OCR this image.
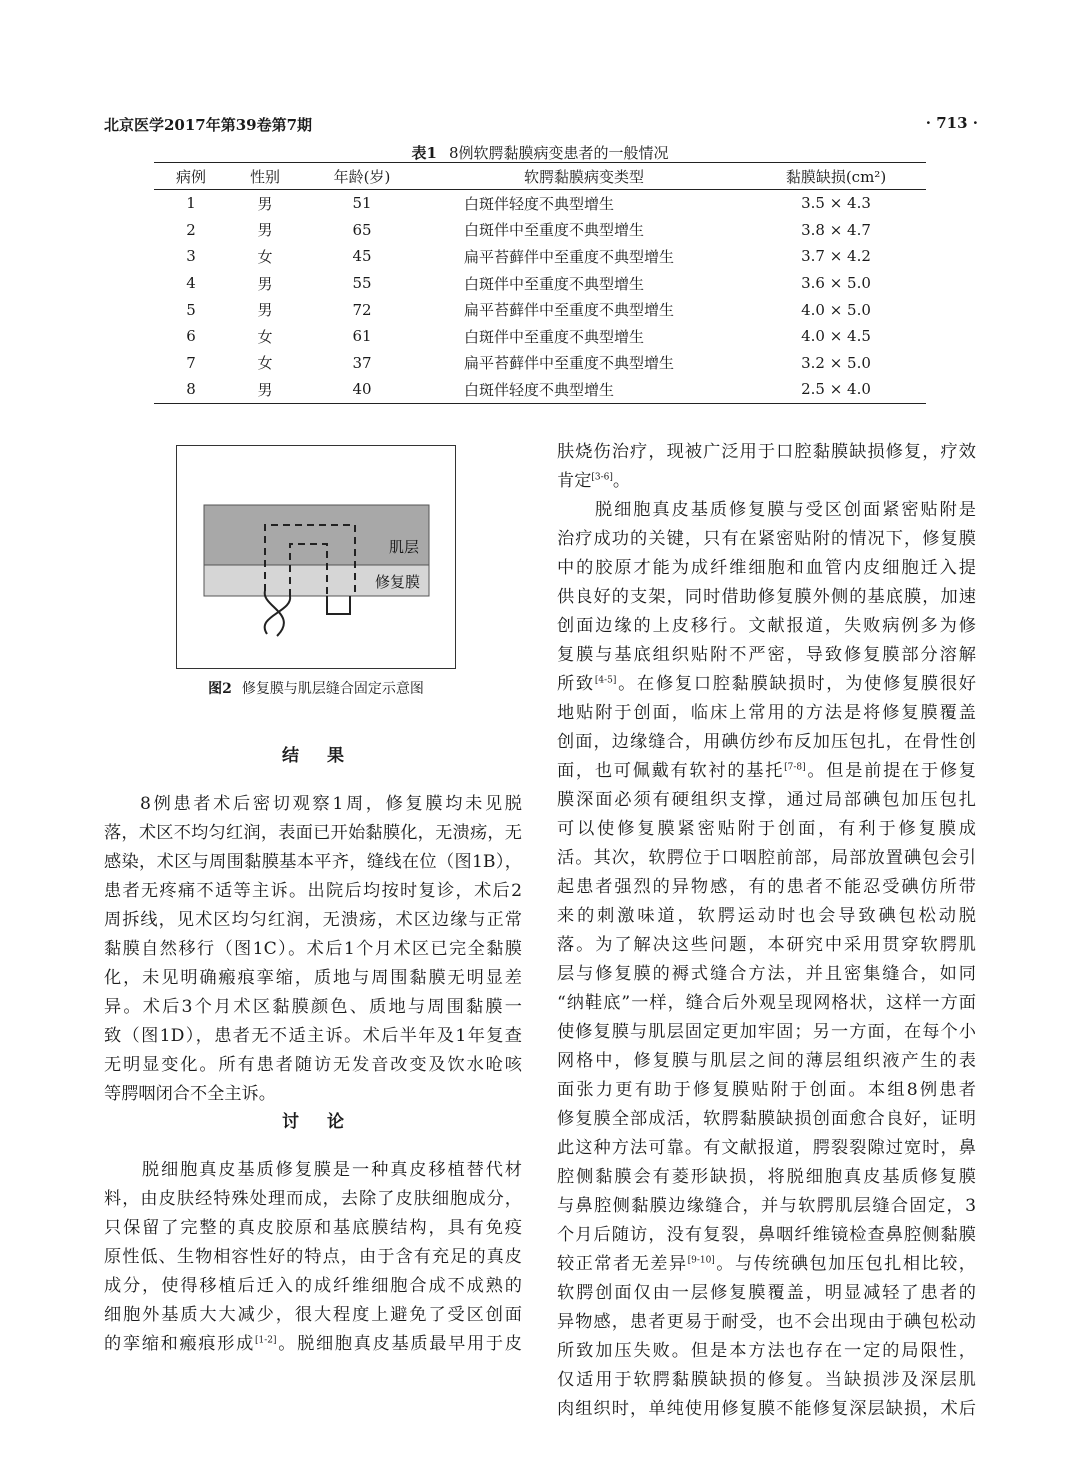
北京医学2017年第39卷第7期	· 713 ·
表1 8例软腭黏膜病变患者的一般情况
病例	性别	年龄(岁)	软腭黏膜病变类型	黏膜缺损(cm²)
1	男	51	白斑伴轻度不典型增生	3.5 × 4.3
2	男	65	白斑伴中至重度不典型增生	3.8 × 4.7
3	女	45	扁平苔藓伴中至重度不典型增生	3.7 × 4.2
4	男	55	白斑伴中至重度不典型增生	3.6 × 5.0
5	男	72	扁平苔藓伴中至重度不典型增生	4.0 × 5.0
6	女	61	白斑伴中至重度不典型增生	4.0 × 4.5
7	女	37	扁平苔藓伴中至重度不典型增生	3.2 × 5.0
8	男	40	白斑伴轻度不典型增生	2.5 × 4.0
肌层
修复膜
图2 修复膜与肌层缝合固定示意图
结 果
8例患者术后密切观察1周，修复膜均未见脱
落，术区不均匀红润，表面已开始黏膜化，无溃疡，无
感染，术区与周围黏膜基本平齐，缝线在位（图1B），
患者无疼痛不适等主诉。出院后均按时复诊，术后2
周拆线，见术区均匀红润，无溃疡，术区边缘与正常
黏膜自然移行（图1C）。术后1个月术区已完全黏膜
化，未见明确瘢痕挛缩，质地与周围黏膜无明显差
异。术后3个月术区黏膜颜色、质地与周围黏膜一
致（图1D），患者无不适主诉。术后半年及1年复查
无明显变化。所有患者随访无发音改变及饮水呛咳
等腭咽闭合不全主诉。
讨 论
脱细胞真皮基质修复膜是一种真皮移植替代材
料，由皮肤经特殊处理而成，去除了皮肤细胞成分，
只保留了完整的真皮胶原和基底膜结构，具有免疫
原性低、生物相容性好的特点，由于含有充足的真皮
成分，使得移植后迁入的成纤维细胞合成不成熟的
细胞外基质大大减少，很大程度上避免了受区创面
的挛缩和瘢痕形成[1-2]。脱细胞真皮基质最早用于皮
肤烧伤治疗，现被广泛用于口腔黏膜缺损修复，疗效
肯定[3-6]。
脱细胞真皮基质修复膜与受区创面紧密贴附是
治疗成功的关键，只有在紧密贴附的情况下，修复膜
中的胶原才能为成纤维细胞和血管内皮细胞迁入提
供良好的支架，同时借助修复膜外侧的基底膜，加速
创面边缘的上皮移行。文献报道，失败病例多为修
复膜与基底组织贴附不严密，导致修复膜部分溶解
所致[4-5]。在修复口腔黏膜缺损时，为使修复膜很好
地贴附于创面，临床上常用的方法是将修复膜覆盖
创面，边缘缝合，用碘仿纱布反加压包扎，在骨性创
面，也可佩戴有软衬的基托[7-8]。但是前提在于修复
膜深面必须有硬组织支撑，通过局部碘包加压包扎
可以使修复膜紧密贴附于创面，有利于修复膜成
活。其次，软腭位于口咽腔前部，局部放置碘包会引
起患者强烈的异物感，有的患者不能忍受碘仿所带
来的刺激味道，软腭运动时也会导致碘包松动脱
落。为了解决这些问题，本研究中采用贯穿软腭肌
层与修复膜的褥式缝合方法，并且密集缝合，如同
“纳鞋底”一样，缝合后外观呈现网格状，这样一方面
使修复膜与肌层固定更加牢固；另一方面，在每个小
网格中，修复膜与肌层之间的薄层组织液产生的表
面张力更有助于修复膜贴附于创面。本组8例患者
修复膜全部成活，软腭黏膜缺损创面愈合良好，证明
此这种方法可靠。有文献报道，腭裂裂隙过宽时，鼻
腔侧黏膜会有菱形缺损，将脱细胞真皮基质修复膜
与鼻腔侧黏膜边缘缝合，并与软腭肌层缝合固定，3
个月后随访，没有复裂，鼻咽纤维镜检查鼻腔侧黏膜
较正常者无差异[9-10]。与传统碘包加压包扎相比较，
软腭创面仅由一层修复膜覆盖，明显减轻了患者的
异物感，患者更易于耐受，也不会出现由于碘包松动
所致加压失败。但是本方法也存在一定的局限性，
仅适用于软腭黏膜缺损的修复。当缺损涉及深层肌
肉组织时，单纯使用修复膜不能修复深层缺损，术后
